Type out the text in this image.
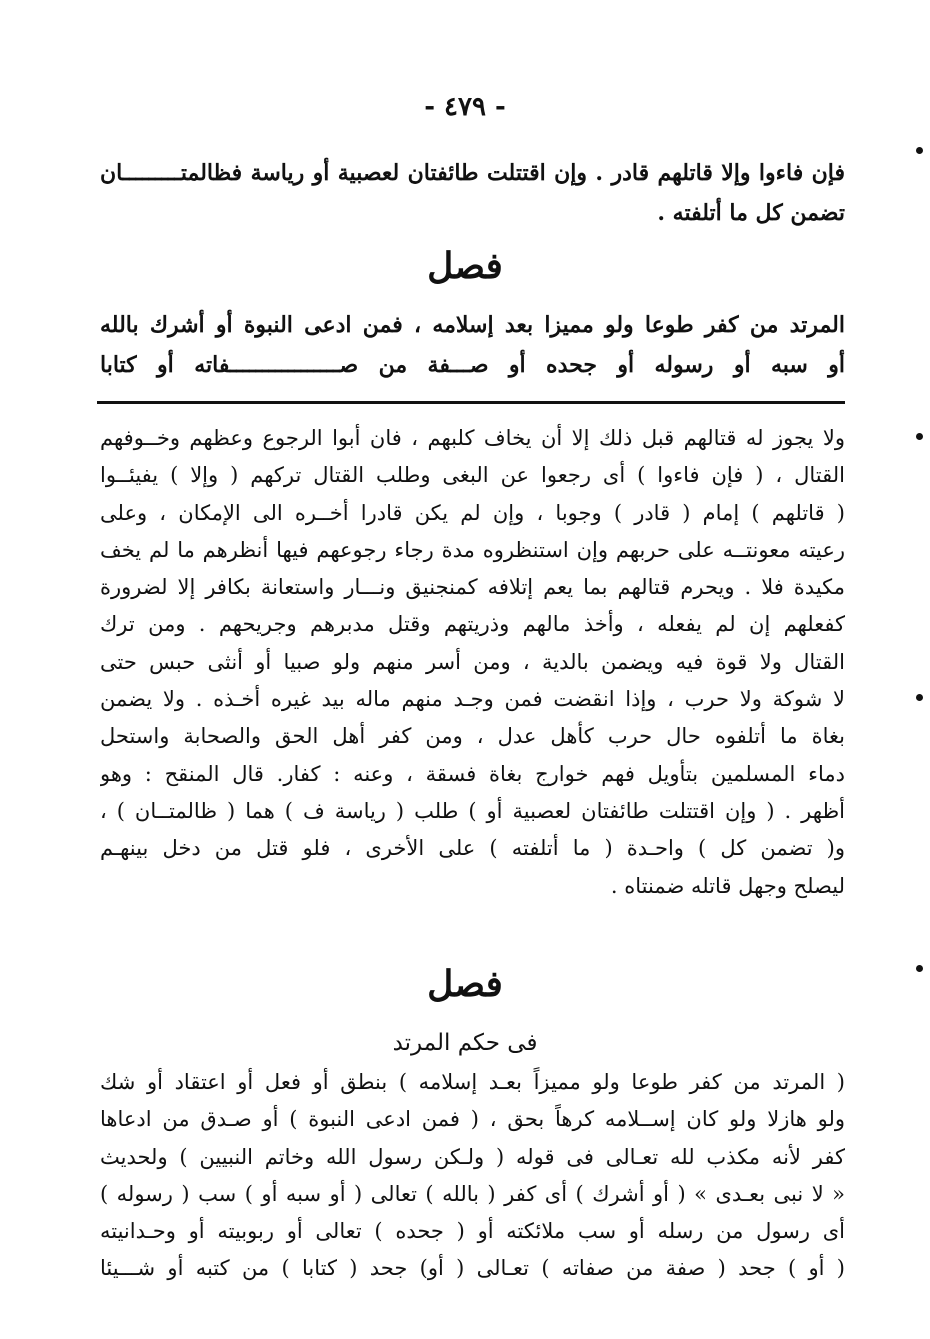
- ٤٧٩ -
فإن فاءوا وإلا قاتلهم قادر . وإن اقتتلت طائفتان لعصبية أو رياسة فظالمتـــــــــان
تضمن كل ما أتلفته .
فصل
المرتد من كفر طوعا ولو مميزا بعد إسلامه ، فمن ادعى النبوة أو أشرك بالله
أو سبه أو رسوله أو جحده أو صـــفة من صـــــــــــــــــفاته أو كتابا
ولا يجوز له قتالهم قبل ذلك إلا أن يخاف كلبهم ، فان أبوا الرجوع وعظهم وخــوفهم
القتال ، ( فإن فاءوا ) أى رجعوا عن البغى وطلب القتال تركهم ( وإلا ) يفيئــوا
( قاتلهم ) إمام ( قادر ) وجوبا ، وإن لم يكن قادرا أخــره الى الإمكان ، وعلى
رعيته معونتــه على حربهم وإن استنظروه مدة رجاء رجوعهم فيها أنظرهم ما لم يخف
مكيدة فلا . ويحرم قتالهم بما يعم إتلافه كمنجنيق ونـــار واستعانة بكافر إلا لضرورة
كفعلهم إن لم يفعله ، وأخذ مالهم وذريتهم وقتل مدبرهم وجريحهم . ومن ترك
القتال ولا قوة فيه ويضمن بالدية ، ومن أسر منهم ولو صبيا أو أنثى حبس حتى
لا شوكة ولا حرب ، وإذا انقضت فمن وجـد منهم ماله بيد غيره أخـذه . ولا يضمن
بغاة ما أتلفوه حال حرب كأهل عدل ، ومن كفر أهل الحق والصحابة واستحل
دماء المسلمين بتأويل فهم خوارج بغاة فسقة ، وعنه : كفار. قال المنقح : وهو
أظهر . ( وإن اقتتلت طائفتان لعصبية أو ) طلب ( رياسة ف ) هما ( ظالمتــان ) ،
و( تضمن كل ) واحـدة ( ما أتلفته ) على الأخرى ، فلو قتل من دخل بينهـم
ليصلح وجهل قاتله ضمنتاه .
فصل
فى حكم المرتد
( المرتد من كفر طوعا ولو مميزاً بعـد إسلامه ) بنطق أو فعل أو اعتقاد أو شك
ولو هازلا ولو كان إســلامه كرهاً بحق ، ( فمن ادعى النبوة ) أو صـدق من ادعاها
كفر لأنه مكذب لله تعـالى فى قوله ( ولـكن رسول الله وخاتم النبيين ) ولحديث
« لا نبى بعـدى » ( أو أشرك ) أى كفر ( بالله ) تعالى ( أو سبه أو ) سب ( رسوله )
أى رسول من رسله أو سب ملائكته أو ( جحده ) تعالى أو ربوبيته أو وحـدانيته
( أو ) جحد ( صفة من صفاته ) تعـالى ( أو) جحد ( كتابا ) من كتبه أو شـــيئا
